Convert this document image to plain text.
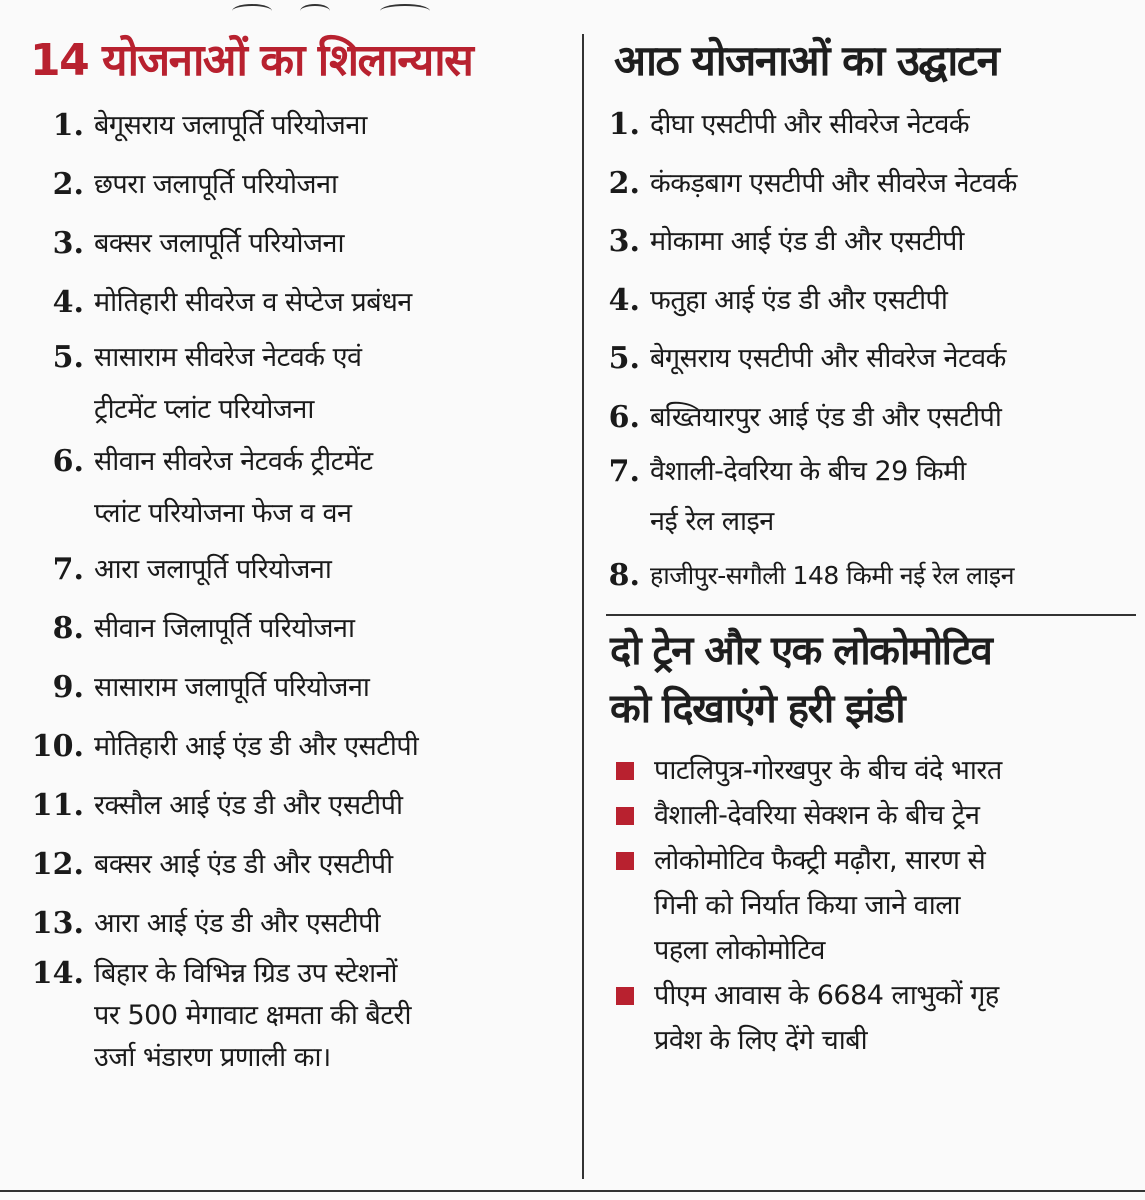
14 योजनाओं का शिलान्यास
1. बेगूसराय जलापूर्ति परियोजना
2. छपरा जलापूर्ति परियोजना
3. बक्सर जलापूर्ति परियोजना
4. मोतिहारी सीवरेज व सेप्टेज प्रबंधन
5. सासाराम सीवरेज नेटवर्क एवं
ट्रीटमेंट प्लांट परियोजना
6. सीवान सीवरेज नेटवर्क ट्रीटमेंट
प्लांट परियोजना फेज व वन
7. आरा जलापूर्ति परियोजना
8. सीवान जिलापूर्ति परियोजना
9. सासाराम जलापूर्ति परियोजना
10. मोतिहारी आई एंड डी और एसटीपी
11. रक्सौल आई एंड डी और एसटीपी
12. बक्सर आई एंड डी और एसटीपी
13. आरा आई एंड डी और एसटीपी
14. बिहार के विभिन्न ग्रिड उप स्टेशनों
पर 500 मेगावाट क्षमता की बैटरी
उर्जा भंडारण प्रणाली का।
आठ योजनाओं का उद्घाटन
1. दीघा एसटीपी और सीवरेज नेटवर्क
2. कंकड़बाग एसटीपी और सीवरेज नेटवर्क
3. मोकामा आई एंड डी और एसटीपी
4. फतुहा आई एंड डी और एसटीपी
5. बेगूसराय एसटीपी और सीवरेज नेटवर्क
6. बख्तियारपुर आई एंड डी और एसटीपी
7. वैशाली-देवरिया के बीच 29 किमी
नई रेल लाइन
8. हाजीपुर-सगौली 148 किमी नई रेल लाइन
दो ट्रेन और एक लोकोमोटिव
को दिखाएंगे हरी झंडी
पाटलिपुत्र-गोरखपुर के बीच वंदे भारत
वैशाली-देवरिया सेक्शन के बीच ट्रेन
लोकोमोटिव फैक्ट्री मढ़ौरा, सारण से
गिनी को निर्यात किया जाने वाला
पहला लोकोमोटिव
पीएम आवास के 6684 लाभुकों गृह
प्रवेश के लिए देंगे चाबी
